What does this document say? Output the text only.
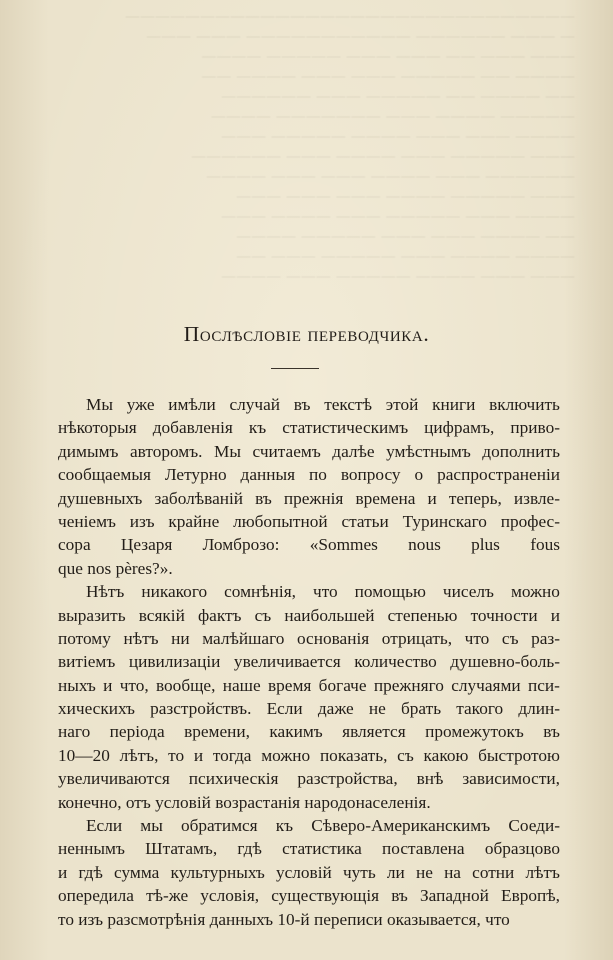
——————————————————————————————
— ——— —————— ——————————— ——— ———
——— ——— —— ——— ——— ————— ————
———— —— ————— ——— ——— ———— ——
—— ———— —— ————— ——— ——————
————— ———— ——— ——————— ————
———— ——— ——— ———— ————— ———
——— ————— ——— ———— ——— ——————
—————— ——— ———— ——— ——— ————
——— ————— ———— ——— ——— ———
———— ——— ————— ——— ———— ———
—— ———— ——— ——— ————— ————
———— ———— ——— ————— ——— ——
——— ——— ———— ————— ——— ————
Послѣсловіе переводчика.
Мы уже имѣли случай въ текстѣ этой книги включить
нѣкоторыя добавленія къ статистическимъ цифрамъ, приво-
димымъ авторомъ. Мы считаемъ далѣе умѣстнымъ дополнить
сообщаемыя Летурно данныя по вопросу о распространеніи
душевныхъ заболѣваній въ прежнія времена и теперь, извле-
ченіемъ изъ крайне любопытной статьи Туринскаго профес-
сора Цезаря Ломброзо: «Sommes nous plus fous
que nos pères?».
Нѣтъ никакого сомнѣнія, что помощью чиселъ можно
выразить всякій фактъ съ наибольшей степенью точности и
потому нѣтъ ни малѣйшаго основанія отрицать, что съ раз-
витіемъ цивилизаціи увеличивается количество душевно-боль-
ныхъ и что, вообще, наше время богаче прежняго случаями пси-
хическихъ разстройствъ. Если даже не брать такого длин-
наго періода времени, какимъ является промежутокъ въ
10—20 лѣтъ, то и тогда можно показать, съ какою быстротою
увеличиваются психическія разстройства, внѣ зависимости,
конечно, отъ условій возрастанія народонаселенія.
Если мы обратимся къ Сѣверо-Американскимъ Соеди-
неннымъ Штатамъ, гдѣ статистика поставлена образцово
и гдѣ сумма культурныхъ условій чуть ли не на сотни лѣтъ
опередила тѣ-же условія, существующія въ Западной Европѣ,
то изъ разсмотрѣнія данныхъ 10-й переписи оказывается, что
